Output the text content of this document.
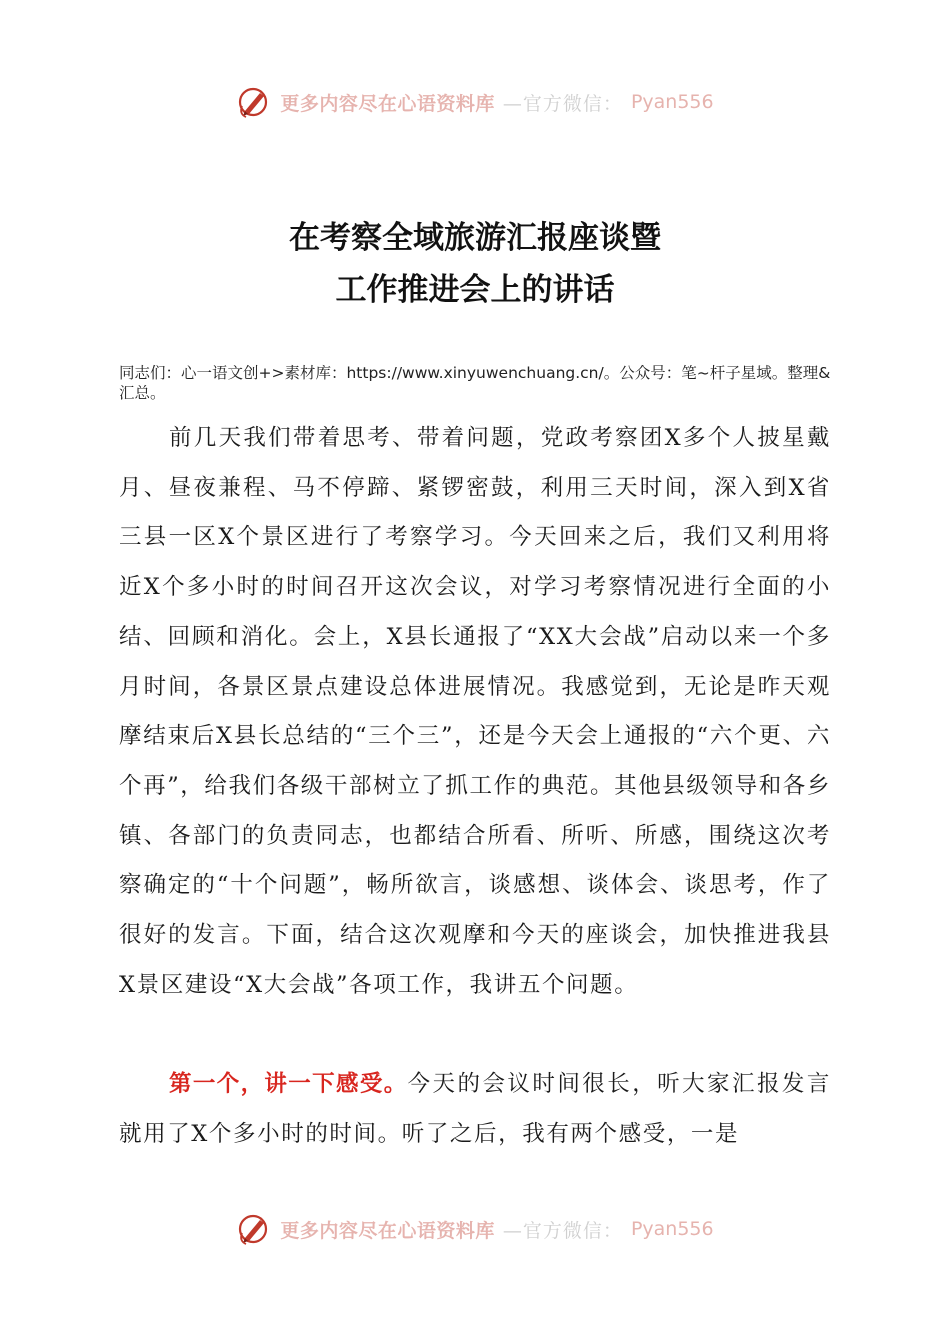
更多内容尽在心语资料库 —官方微信： Pyan556
在考察全域旅游汇报座谈暨
工作推进会上的讲话
同志们：心一语文创+>素材库：https://www.xinyuwenchuang.cn/。公众号：笔~杆子星域。整理&汇总。
前几天我们带着思考、带着问题，党政考察团X多个人披星戴月、昼夜兼程、马不停蹄、紧锣密鼓，利用三天时间，深入到X省三县一区X个景区进行了考察学习。今天回来之后，我们又利用将近X个多小时的时间召开这次会议，对学习考察情况进行全面的小结、回顾和消化。会上，X县长通报了“XX大会战”启动以来一个多月时间，各景区景点建设总体进展情况。我感觉到，无论是昨天观摩结束后X县长总结的“三个三”，还是今天会上通报的“六个更、六个再”，给我们各级干部树立了抓工作的典范。其他县级领导和各乡镇、各部门的负责同志，也都结合所看、所听、所感，围绕这次考察确定的“十个问题”，畅所欲言，谈感想、谈体会、谈思考，作了很好的发言。下面，结合这次观摩和今天的座谈会，加快推进我县X景区建设“X大会战”各项工作，我讲五个问题。
第一个，讲一下感受。今天的会议时间很长，听大家汇报发言就用了X个多小时的时间。听了之后，我有两个感受，一是
更多内容尽在心语资料库 —官方微信： Pyan556
